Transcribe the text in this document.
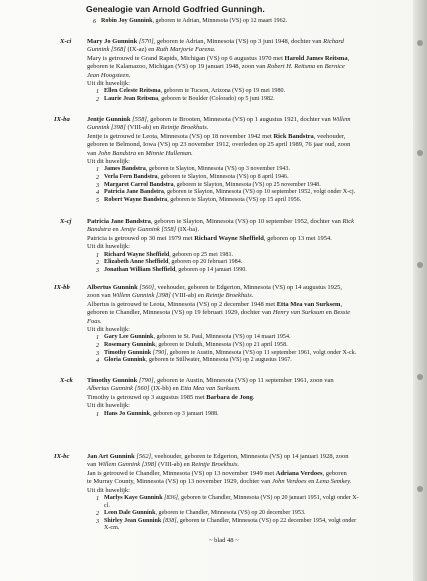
Genealogie van Arnold Godfried Gunningh.
6 Robin Joy Gunnink, geboren te Adrian, Minnesota (VS) op 12 maart 1962.
X-ci Mary Jo Gunnink [570], geboren te Adrian, Minnesota (VS) op 3 juni 1948, dochter van Richard
Gunnink [568] (IX-az) en Ruth Marjorie Farena.
Mary is getrouwd te Grand Rapids, Michigan (VS) op 6 augustus 1970 met Harold James Reitsma,
geboren te Kalamazoo, Michigan (VS) op 19 januari 1948, zoon van Robert H. Reitsma en Bernice
Jean Hoogsteen.
Uit dit huwelijk:
1 Ellen Celeste Reitsma, geboren te Tucson, Arizona (VS) op 19 mei 1980.
2 Laurie Jean Reitsma, geboren te Boulder (Colorado) op 5 juni 1982.
IX-ba	Jentje Gunnink [558], geboren te Brooten, Minnesota (VS) op 1 augustus 1921, dochter van Willem
Gunnink [398] (VIII-ab) en Reintje Broekhuis.
Jentje is getrouwd te Leota, Minnesota (VS) op 18 november 1942 met Rick Bandstra, veehouder,
geboren te Belmond, Iowa (VS) op 23 november 1912, overleden op 25 april 1989, 76 jaar oud, zoon
van John Bandstra en Minnie Hulleman.
Uit dit huwelijk:
1 James Bandstra, geboren te Slayton, Minnesota (VS) op 3 november 1943.
2 Verla Fern Bandstra, geboren te Slayton, Minnesota (VS) op 8 april 1946.
3 Margaret Carrol Bandstra, geboren te Slayton, Minnesota (VS) op 25 november 1948.
4 Patricia Jane Bandstra, geboren te Slayton, Minnesota (VS) op 10 september 1952, volgt onder X-cj.
5 Robert Wayne Bandstra, geboren te Slayton, Minnesota (VS) op 15 april 1956.
X-cj Patricia Jane Bandstra, geboren te Slayton, Minnesota (VS) op 10 september 1952, dochter van Rick
Bandstra en Jentje Gunnink [558] (IX-ba).
Patricia is getrouwd op 30 mei 1979 met Richard Wayne Sheffield, geboren op 13 mei 1954.
Uit dit huwelijk:
1 Richard Wayne Sheffield, geboren op 25 mei 1981.
2 Elizabeth Anne Sheffield, geboren op 20 februari 1984.
3 Jonathan William Sheffield, geboren op 14 januari 1990.
IX-bb	Albertus Gunnink [560], veehouder, geboren te Edgerton, Minnesota (VS) op 14 augustus 1925,
zoon van Willem Gunnink [398] (VIII-ab) en Reintje Broekhuis.
Albertus is getrouwd te Leota, Minnesota (VS) op 2 december 1948 met Etta Mea van Surksem,
geboren te Chandler, Minnesota (VS) op 19 februari 1929, dochter van Henry van Surksum en Bessie
Foas.
Uit dit huwelijk:
1 Gary Lee Gunnink, geboren te St. Paul, Minnesota (VS) op 14 maart 1954.
2 Rosemary Gunnink, geboren te Duluth, Minnesota (VS) op 21 april 1958.
3 Timothy Gunnink [790], geboren te Austin, Minnesota (VS) op 11 september 1961, volgt onder X-ck.
4 Gloria Gunnink, geboren te Stillwater, Minnesota (VS) op 2 augustus 1967.
X-ck Timothy Gunnink [790], geboren te Austin, Minnesota (VS) op 11 september 1961, zoon van
Albertus Gunnink [560] (IX-bb) en Etta Mea van Surksem.
Timothy is getrouwd op 3 augustus 1985 met Barbara de Jong.
Uit dit huwelijk:
1 Hans Jo Gunnink, geboren op 3 januari 1988.
IX-bc	Jan Art Gunnink [562], veehouder, geboren te Edgerton, Minnesota (VS) op 14 januari 1928, zoon
van Willem Gunnink [398] (VIII-ab) en Reintje Broekhuis.
Jan is getrouwd te Chandler, Minnesota (VS) op 13 november 1949 met Adriana Verdoes, geboren
te Murray County, Minnesota (VS) op 13 november 1929, dochter van John Verdoes en Lena Semkey.
Uit dit huwelijk:
1 Marlys Kaye Gunnink [836], geboren te Chandler, Minnesota (VS) op 20 januari 1951, volgt onder X-
cl.
2 Leon Dale Gunnink, geboren te Chandler, Minnesota (VS) op 20 december 1953.
3 Shirley Jean Gunnink [838], geboren te Chandler, Minnesota (VS) op 22 december 1954, volgt onder
X-cm.
~ blad 48 ~
